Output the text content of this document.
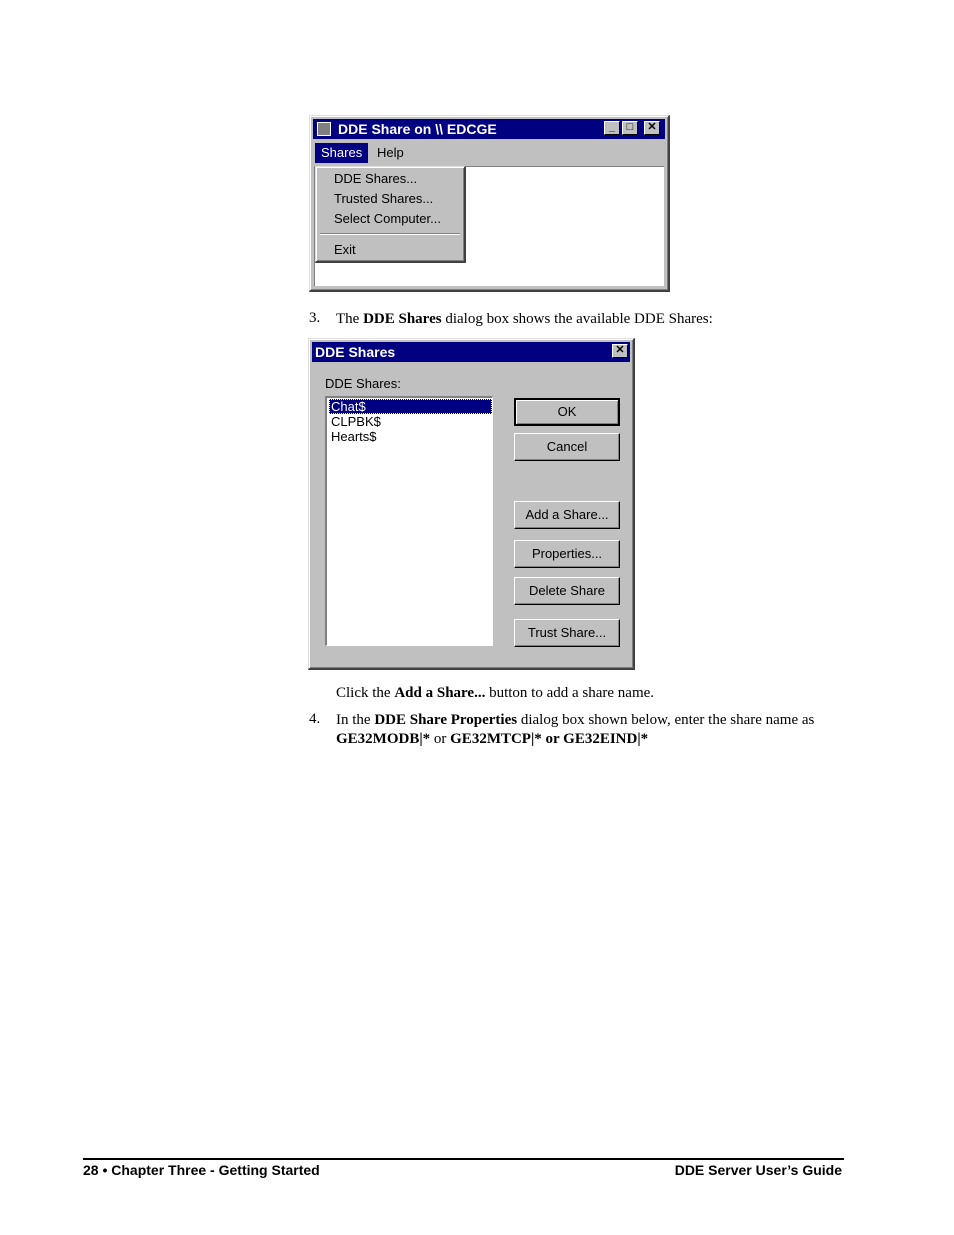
DDE Share on \\ EDCGE	_	□	✕
Shares	Help
DDE Shares...
Trusted Shares...
Select Computer...
Exit
3. The DDE Shares dialog box shows the available DDE Shares:
DDE Shares	✕
DDE Shares:
Chat$
CLPBK$
Hearts$
OK
Cancel
Add a Share...
Properties...
Delete Share
Trust Share...
Click the Add a Share... button to add a share name.
4. In the DDE Share Properties dialog box shown below, enter the share name as
GE32MODB|* or GE32MTCP|* or GE32EIND|*
28 • Chapter Three - Getting Started	DDE Server User’s Guide
